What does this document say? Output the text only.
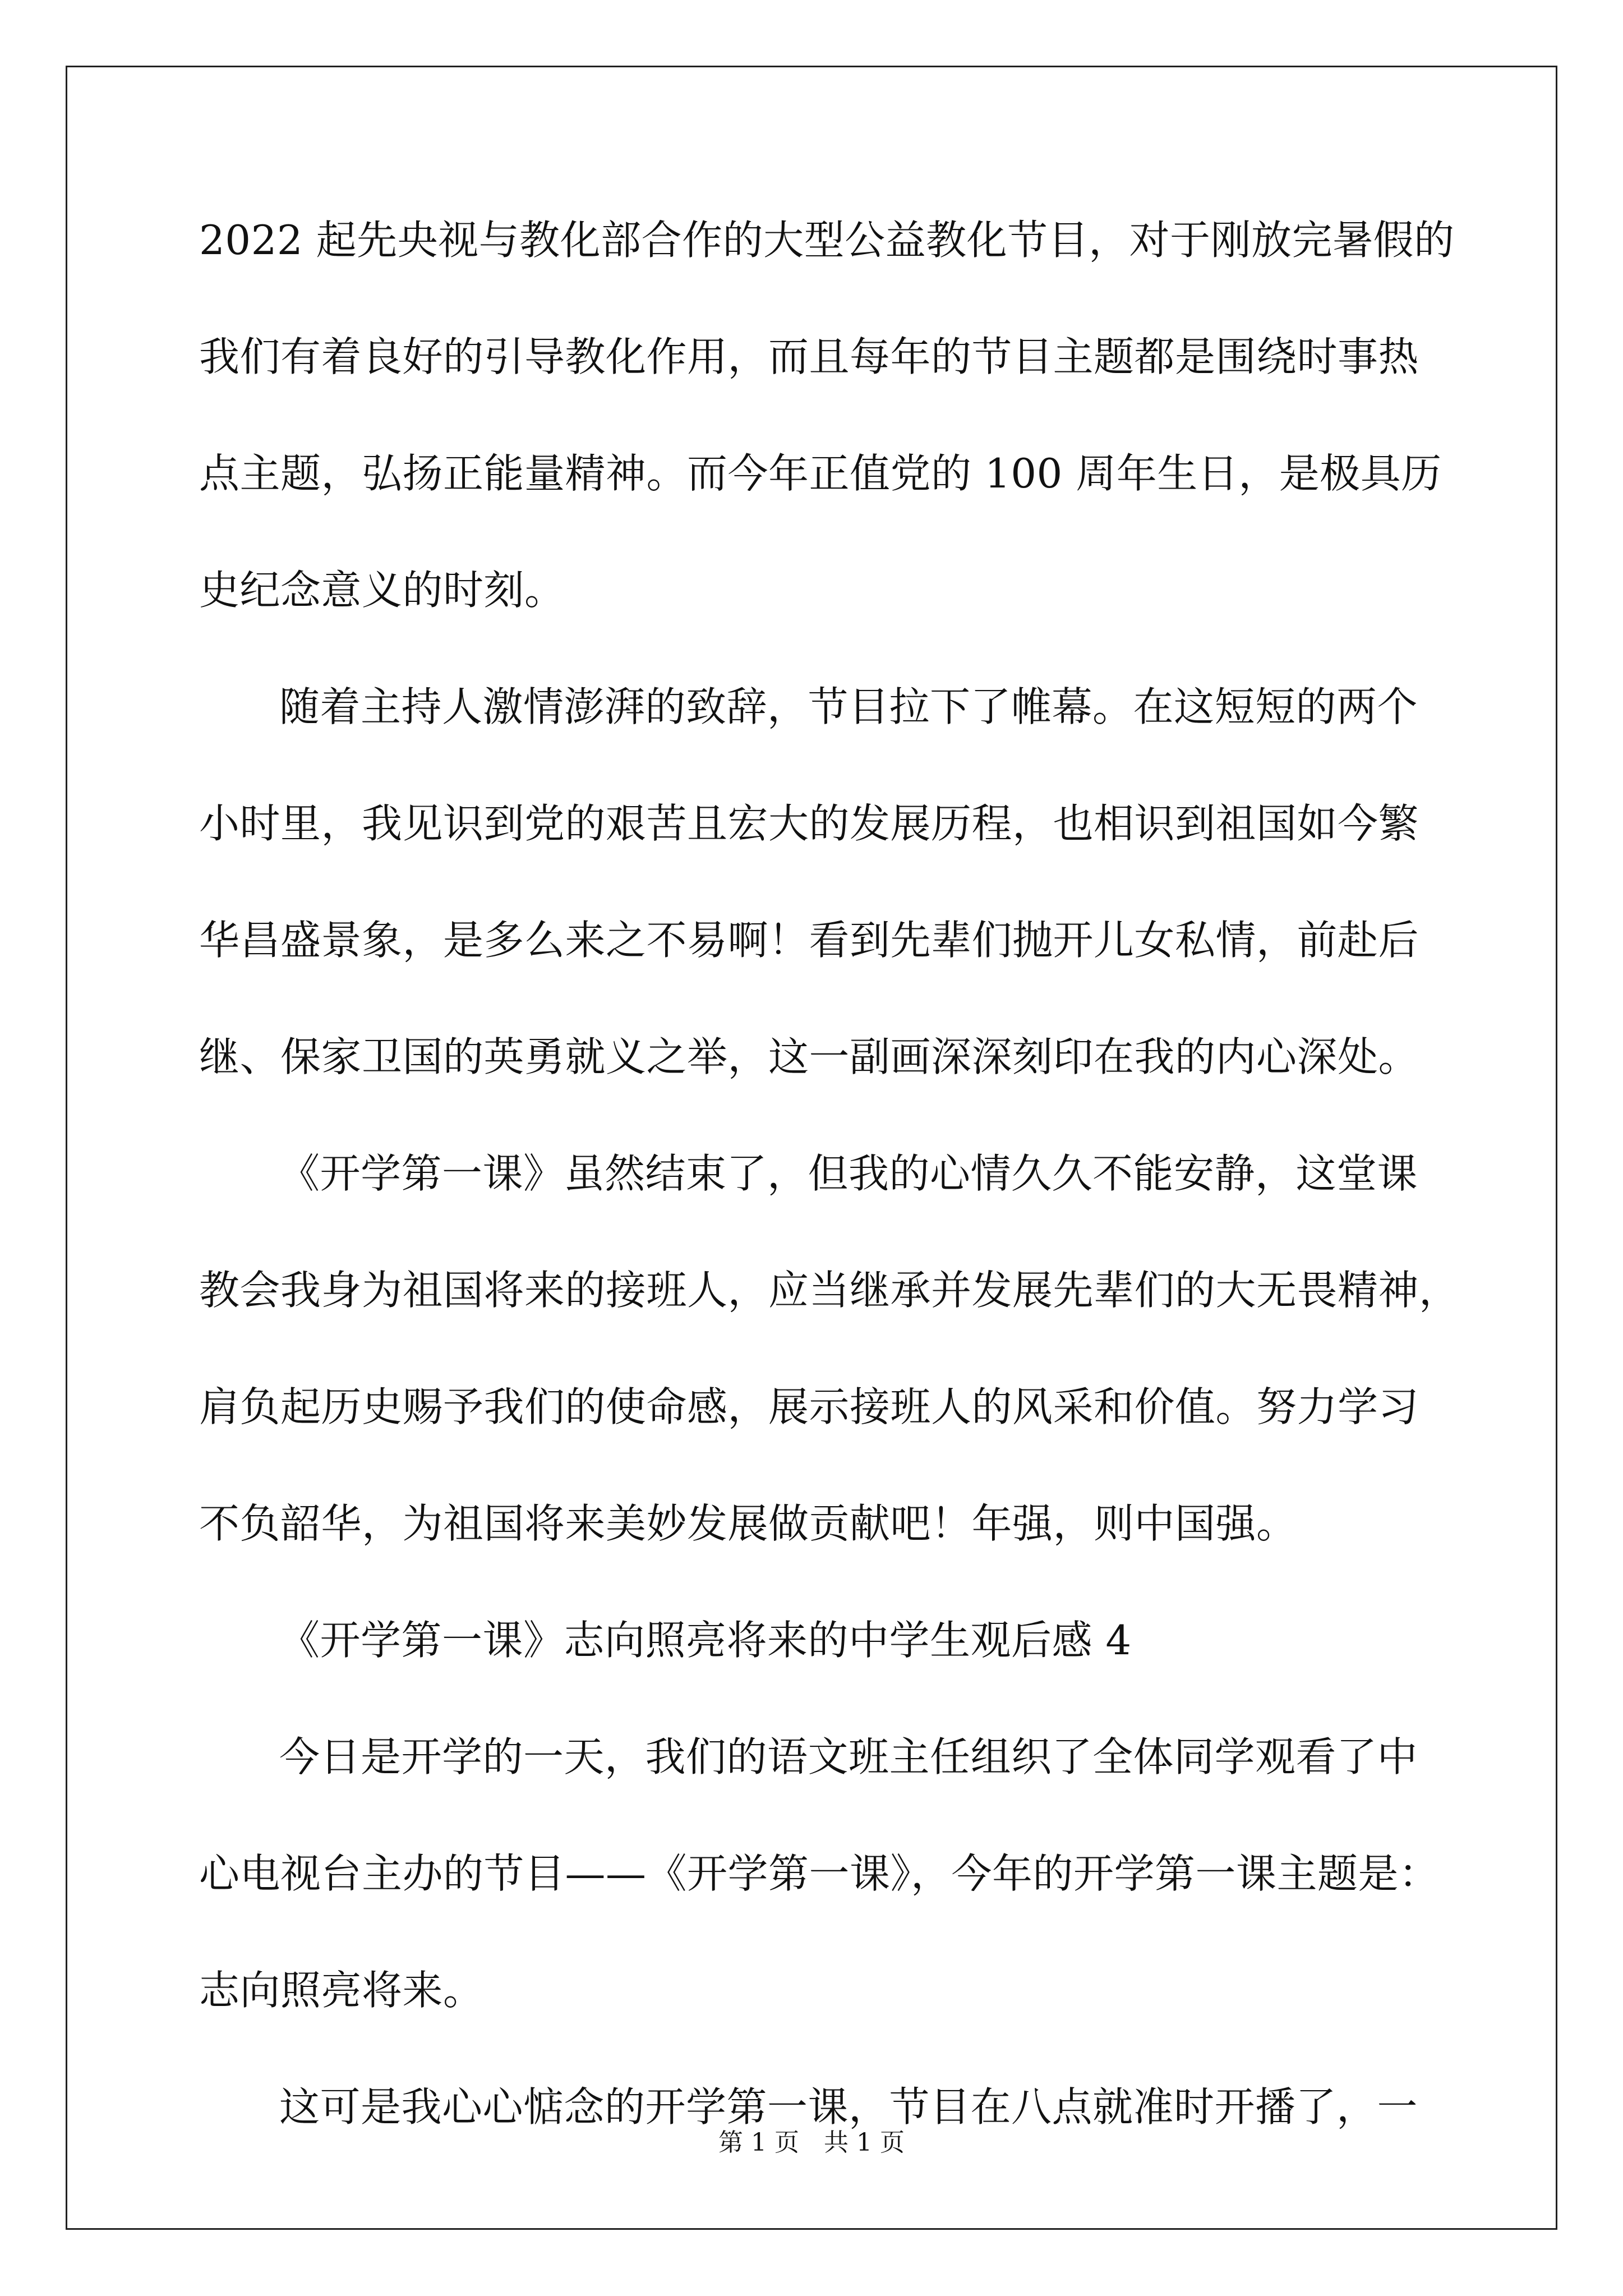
2022 起先央视与教化部合作的大型公益教化节目，对于刚放完暑假的
我们有着良好的引导教化作用，而且每年的节目主题都是围绕时事热
点主题，弘扬正能量精神。而今年正值党的 100 周年生日，是极具历
史纪念意义的时刻。
随着主持人激情澎湃的致辞，节目拉下了帷幕。在这短短的两个
小时里，我见识到党的艰苦且宏大的发展历程，也相识到祖国如今繁
华昌盛景象，是多么来之不易啊！看到先辈们抛开儿女私情，前赴后
继、保家卫国的英勇就义之举，这一副画深深刻印在我的内心深处。
《开学第一课》虽然结束了，但我的心情久久不能安静，这堂课
教会我身为祖国将来的接班人，应当继承并发展先辈们的大无畏精神，
肩负起历史赐予我们的使命感，展示接班人的风采和价值。努力学习
不负韶华，为祖国将来美妙发展做贡献吧！年强，则中国强。
《开学第一课》志向照亮将来的中学生观后感 4
今日是开学的一天，我们的语文班主任组织了全体同学观看了中
心电视台主办的节目——《开学第一课》，今年的开学第一课主题是：
志向照亮将来。
这可是我心心惦念的开学第一课，节目在八点就准时开播了，一
第 1 页　共 1 页
